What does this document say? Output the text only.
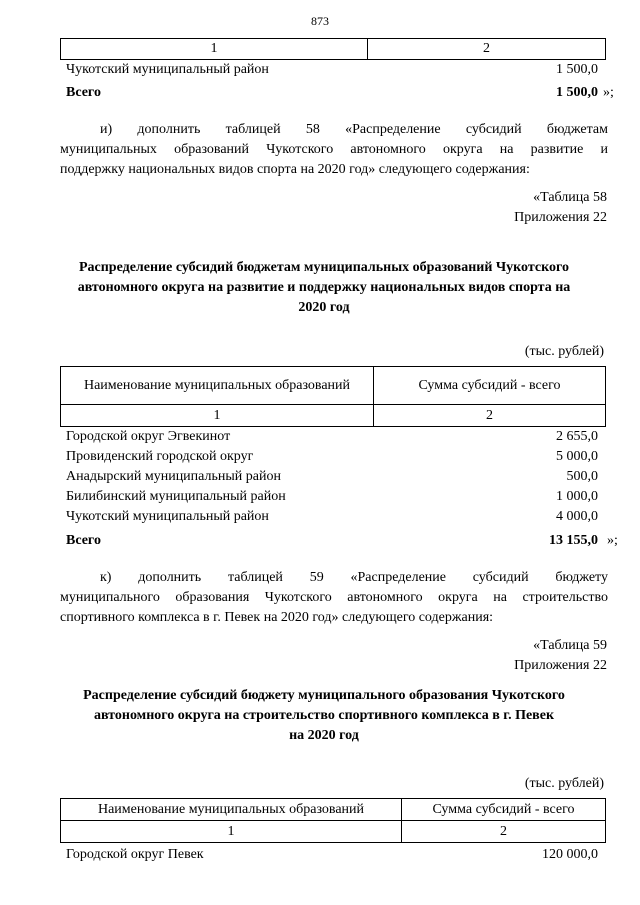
873
1	2
Чукотский муниципальный район	1 500,0
Всего	1 500,0 »;
и) дополнить таблицей 58 «Распределение субсидий бюджетам
муниципальных образований Чукотского автономного округа на развитие и
поддержку национальных видов спорта на 2020 год» следующего содержания:
«Таблица 58
Приложения 22
Распределение субсидий бюджетам муниципальных образований Чукотского
автономного округа на развитие и поддержку национальных видов спорта на
2020 год
(тыс. рублей)
Наименование муниципальных образований	Сумма субсидий - всего
1	2
Городской округ Эгвекинот	2 655,0
Провиденский городской округ	5 000,0
Анадырский муниципальный район	500,0
Билибинский муниципальный район	1 000,0
Чукотский муниципальный район	4 000,0
Всего	13 155,0 »;
к) дополнить таблицей 59 «Распределение субсидий бюджету
муниципального образования Чукотского автономного округа на строительство
спортивного комплекса в г. Певек на 2020 год» следующего содержания:
«Таблица 59
Приложения 22
Распределение субсидий бюджету муниципального образования Чукотского
автономного округа на строительство спортивного комплекса в г. Певек
на 2020 год
(тыс. рублей)
Наименование муниципальных образований	Сумма субсидий - всего
1	2
Городской округ Певек	120 000,0
